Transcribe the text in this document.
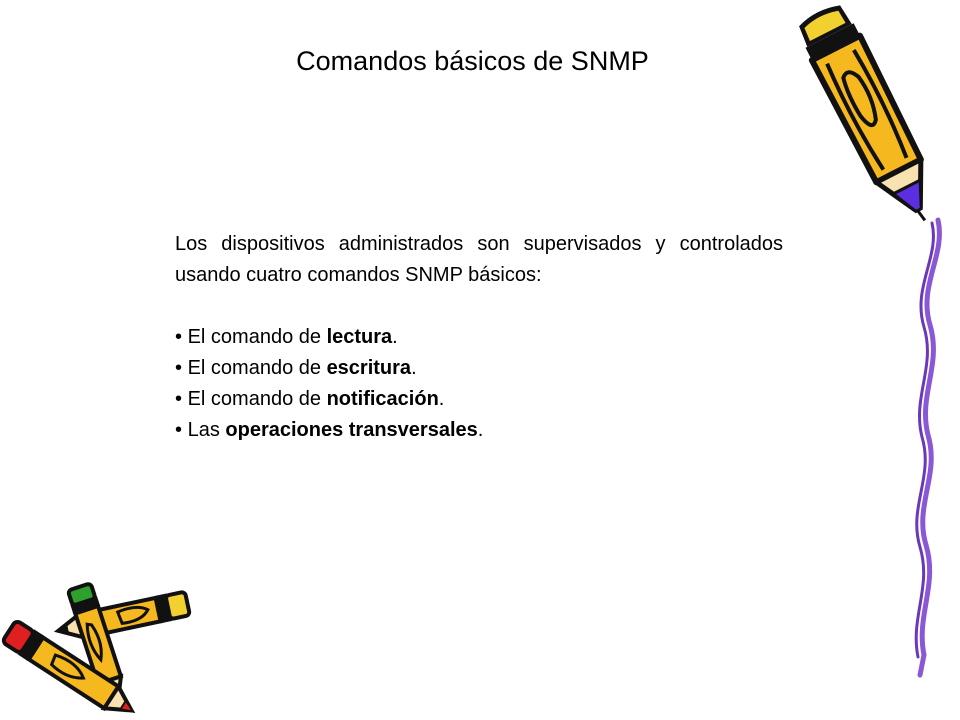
Comandos básicos de SNMP

Los dispositivos administrados son supervisados y controlados usando cuatro comandos SNMP básicos:

• El comando de lectura.
• El comando de escritura.
• El comando de notificación.
• Las operaciones transversales.
